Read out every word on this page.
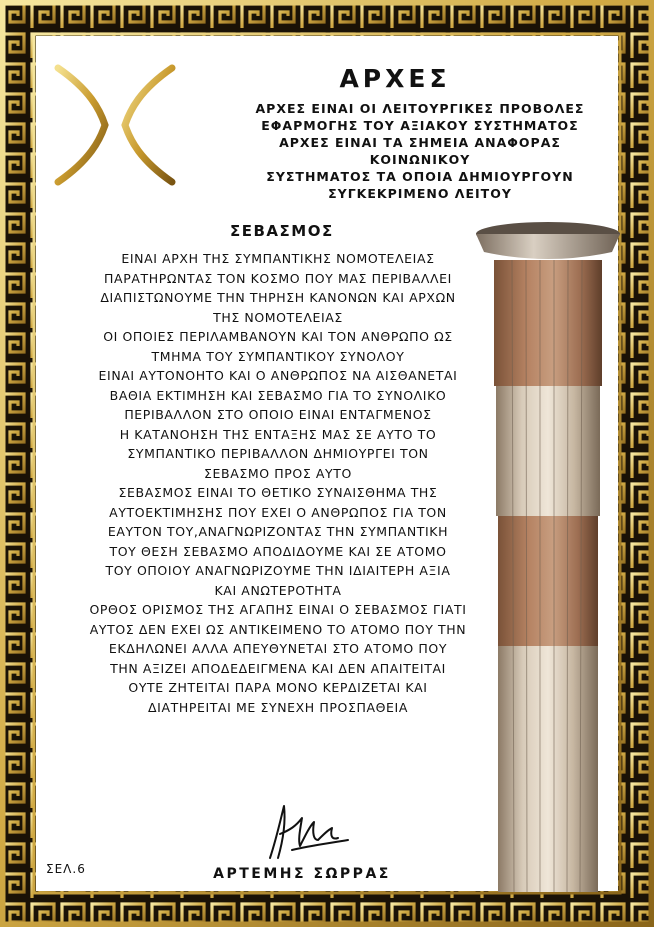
ΑΡΧΕΣ
ΑΡΧΕΣ ΕΙΝΑΙ ΟΙ ΛΕΙΤΟΥΡΓΙΚΕΣ ΠΡΟΒΟΛΕΣ
ΕΦΑΡΜΟΓΗΣ ΤΟΥ ΑΞΙΑΚΟΥ ΣΥΣΤΗΜΑΤΟΣ
ΑΡΧΕΣ ΕΙΝΑΙ ΤΑ ΣΗΜΕΙΑ ΑΝΑΦΟΡΑΣ ΚΟΙΝΩΝΙΚΟΥ
ΣΥΣΤΗΜΑΤΟΣ ΤΑ ΟΠΟΙΑ ΔΗΜΙΟΥΡΓΟΥΝ
ΣΥΓΚΕΚΡΙΜΕΝΟ ΛΕΙΤΟΥ
ΣΕΒΑΣΜΟΣ
ΕΙΝΑΙ ΑΡΧΗ ΤΗΣ ΣΥΜΠΑΝΤΙΚΗΣ ΝΟΜΟΤΕΛΕΙΑΣ
ΠΑΡΑΤΗΡΩΝΤΑΣ ΤΟΝ ΚΟΣΜΟ ΠΟΥ ΜΑΣ ΠΕΡΙΒΑΛΛΕΙ
ΔΙΑΠΙΣΤΩΝΟΥΜΕ ΤΗΝ ΤΗΡΗΣΗ ΚΑΝΟΝΩΝ ΚΑΙ ΑΡΧΩΝ
ΤΗΣ ΝΟΜΟΤΕΛΕΙΑΣ
ΟΙ ΟΠΟΙΕΣ ΠΕΡΙΛΑΜΒΑΝΟΥΝ ΚΑΙ ΤΟΝ ΑΝΘΡΩΠΟ ΩΣ
ΤΜΗΜΑ ΤΟΥ ΣΥΜΠΑΝΤΙΚΟΥ ΣΥΝΟΛΟΥ
ΕΙΝΑΙ ΑΥΤΟΝΟΗΤΟ ΚΑΙ Ο ΑΝΘΡΩΠΟΣ ΝΑ ΑΙΣΘΑΝΕΤΑΙ
ΒΑΘΙΑ ΕΚΤΙΜΗΣΗ ΚΑΙ ΣΕΒΑΣΜΟ ΓΙΑ ΤΟ ΣΥΝΟΛΙΚΟ
ΠΕΡΙΒΑΛΛΟΝ ΣΤΟ ΟΠΟΙΟ ΕΙΝΑΙ ΕΝΤΑΓΜΕΝΟΣ
Η ΚΑΤΑΝΟΗΣΗ ΤΗΣ ΕΝΤΑΞΗΣ ΜΑΣ ΣΕ ΑΥΤΟ ΤΟ
ΣΥΜΠΑΝΤΙΚΟ ΠΕΡΙΒΑΛΛΟΝ ΔΗΜΙΟΥΡΓΕΙ ΤΟΝ
ΣΕΒΑΣΜΟ ΠΡΟΣ ΑΥΤΟ
ΣΕΒΑΣΜΟΣ ΕΙΝΑΙ ΤΟ ΘΕΤΙΚΟ ΣΥΝΑΙΣΘΗΜΑ ΤΗΣ
ΑΥΤΟΕΚΤΙΜΗΣΗΣ ΠΟΥ ΕΧΕΙ Ο ΑΝΘΡΩΠΟΣ ΓΙΑ ΤΟΝ
ΕΑΥΤΟΝ ΤΟΥ,ΑΝΑΓΝΩΡΙΖΟΝΤΑΣ ΤΗΝ ΣΥΜΠΑΝΤΙΚΗ
ΤΟΥ ΘΕΣΗ ΣΕΒΑΣΜΟ ΑΠΟΔΙΔΟΥΜΕ ΚΑΙ ΣΕ ΑΤΟΜΟ
ΤΟΥ ΟΠΟΙΟΥ ΑΝΑΓΝΩΡΙΖΟΥΜΕ ΤΗΝ ΙΔΙΑΙΤΕΡΗ ΑΞΙΑ
ΚΑΙ ΑΝΩΤΕΡΟΤΗΤΑ
ΟΡΘΟΣ ΟΡΙΣΜΟΣ ΤΗΣ ΑΓΑΠΗΣ ΕΙΝΑΙ Ο ΣΕΒΑΣΜΟΣ ΓΙΑΤΙ
ΑΥΤΟΣ ΔΕΝ ΕΧΕΙ ΩΣ ΑΝΤΙΚΕΙΜΕΝΟ ΤΟ ΑΤΟΜΟ ΠΟΥ ΤΗΝ
ΕΚΔΗΛΩΝΕΙ ΑΛΛΑ ΑΠΕΥΘΥΝΕΤΑΙ ΣΤΟ ΑΤΟΜΟ ΠΟΥ
ΤΗΝ ΑΞΙΖΕΙ ΑΠΟΔΕΔΕΙΓΜΕΝΑ ΚΑΙ ΔΕΝ ΑΠΑΙΤΕΙΤΑΙ
ΟΥΤΕ ΖΗΤΕΙΤΑΙ ΠΑΡΑ ΜΟΝΟ ΚΕΡΔΙΖΕΤΑΙ ΚΑΙ
ΔΙΑΤΗΡΕΙΤΑΙ ΜΕ ΣΥΝΕΧΗ ΠΡΟΣΠΑΘΕΙΑ
ΣΕΛ.6	ΑΡΤΕΜΗΣ ΣΩΡΡΑΣ
